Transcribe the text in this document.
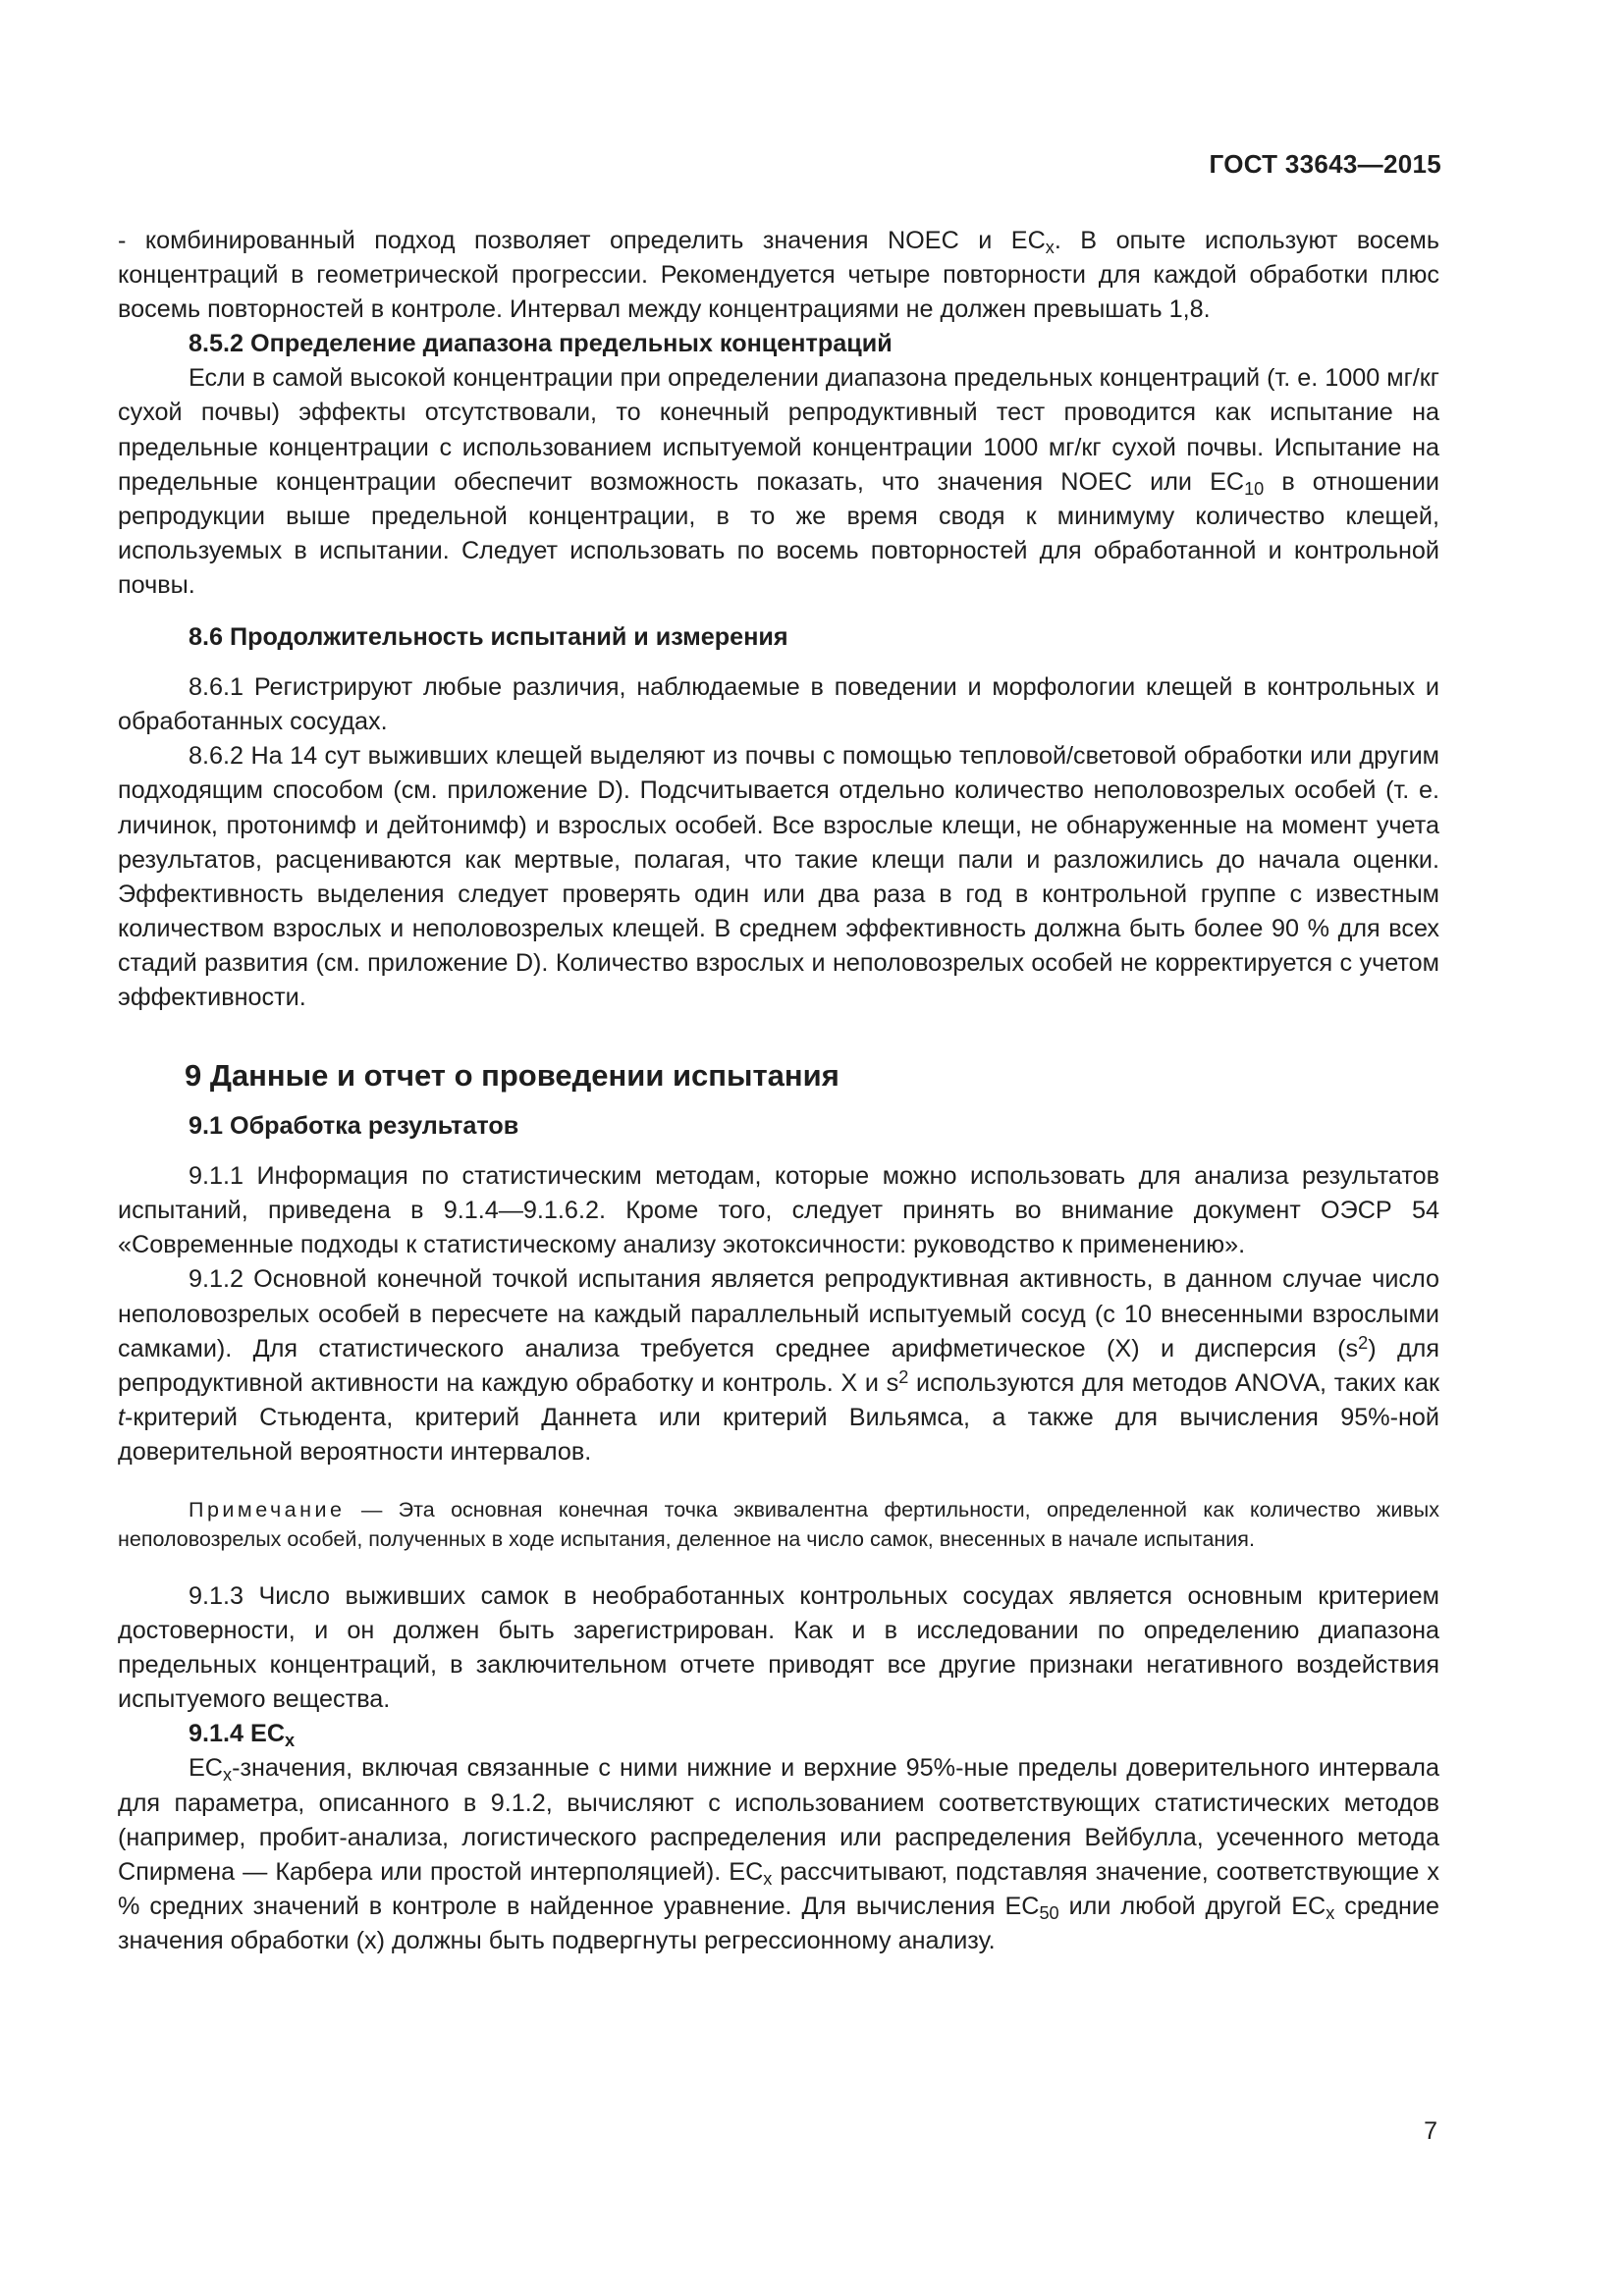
ГОСТ 33643—2015

- комбинированный подход позволяет определить значения NOEC и $EC_x$. В опыте используют восемь концентраций в геометрической прогрессии. Рекомендуется четыре повторности для каждой обработки плюс восемь повторностей в контроле. Интервал между концентрациями не должен превышать 1,8.

8.5.2 Определение диапазона предельных концентраций

Если в самой высокой концентрации при определении диапазона предельных концентраций (т. е. 1000 мг/кг сухой почвы) эффекты отсутствовали, то конечный репродуктивный тест проводится как испытание на предельные концентрации с использованием испытуемой концентрации 1000 мг/кг сухой почвы. Испытание на предельные концентрации обеспечит возможность показать, что значения NOEC или $EC_{10}$ в отношении репродукции выше предельной концентрации, в то же время сводя к минимуму количество клещей, используемых в испытании. Следует использовать по восемь повторностей для обработанной и контрольной почвы.

8.6 Продолжительность испытаний и измерения

8.6.1 Регистрируют любые различия, наблюдаемые в поведении и морфологии клещей в контрольных и обработанных сосудах.

8.6.2 На 14 сут выживших клещей выделяют из почвы с помощью тепловой/световой обработки или другим подходящим способом (см. приложение D). Подсчитывается отдельно количество неполовозрелых особей (т. е. личинок, протонимф и дейтонимф) и взрослых особей. Все взрослые клещи, не обнаруженные на момент учета результатов, расцениваются как мертвые, полагая, что такие клещи пали и разложились до начала оценки. Эффективность выделения следует проверять один или два раза в год в контрольной группе с известным количеством взрослых и неполовозрелых клещей. В среднем эффективность должна быть более 90 % для всех стадий развития (см. приложение D). Количество взрослых и неполовозрелых особей не корректируется с учетом эффективности.

9 Данные и отчет о проведении испытания

9.1 Обработка результатов

9.1.1 Информация по статистическим методам, которые можно использовать для анализа результатов испытаний, приведена в 9.1.4—9.1.6.2. Кроме того, следует принять во внимание документ ОЭСР 54 «Современные подходы к статистическому анализу экотоксичности: руководство к применению».

9.1.2 Основной конечной точкой испытания является репродуктивная активность, в данном случае число неполовозрелых особей в пересчете на каждый параллельный испытуемый сосуд (с 10 внесенными взрослыми самками). Для статистического анализа требуется среднее арифметическое (X) и дисперсия $(s^2)$ для репродуктивной активности на каждую обработку и контроль. X и $s^2$ используются для методов ANOVA, таких как t-критерий Стьюдента, критерий Даннета или критерий Вильямса, а также для вычисления 95%-ной доверительной вероятности интервалов.

Примечание — Эта основная конечная точка эквивалентна фертильности, определенной как количество живых неполовозрелых особей, полученных в ходе испытания, деленное на число самок, внесенных в начале испытания.

9.1.3 Число выживших самок в необработанных контрольных сосудах является основным критерием достоверности, и он должен быть зарегистрирован. Как и в исследовании по определению диапазона предельных концентраций, в заключительном отчете приводят все другие признаки негативного воздействия испытуемого вещества.

9.1.4 $EC_x$

$EC_x$-значения, включая связанные с ними нижние и верхние 95%-ные пределы доверительного интервала для параметра, описанного в 9.1.2, вычисляют с использованием соответствующих статистических методов (например, пробит-анализа, логистического распределения или распределения Вейбулла, усеченного метода Спирмена — Карбера или простой интерполяцией). $EC_x$ рассчитывают, подставляя значение, соответствующие x % средних значений в контроле в найденное уравнение. Для вычисления $EC_{50}$ или любой другой $EC_x$ средние значения обработки (x) должны быть подвергнуты регрессионному анализу.

7
